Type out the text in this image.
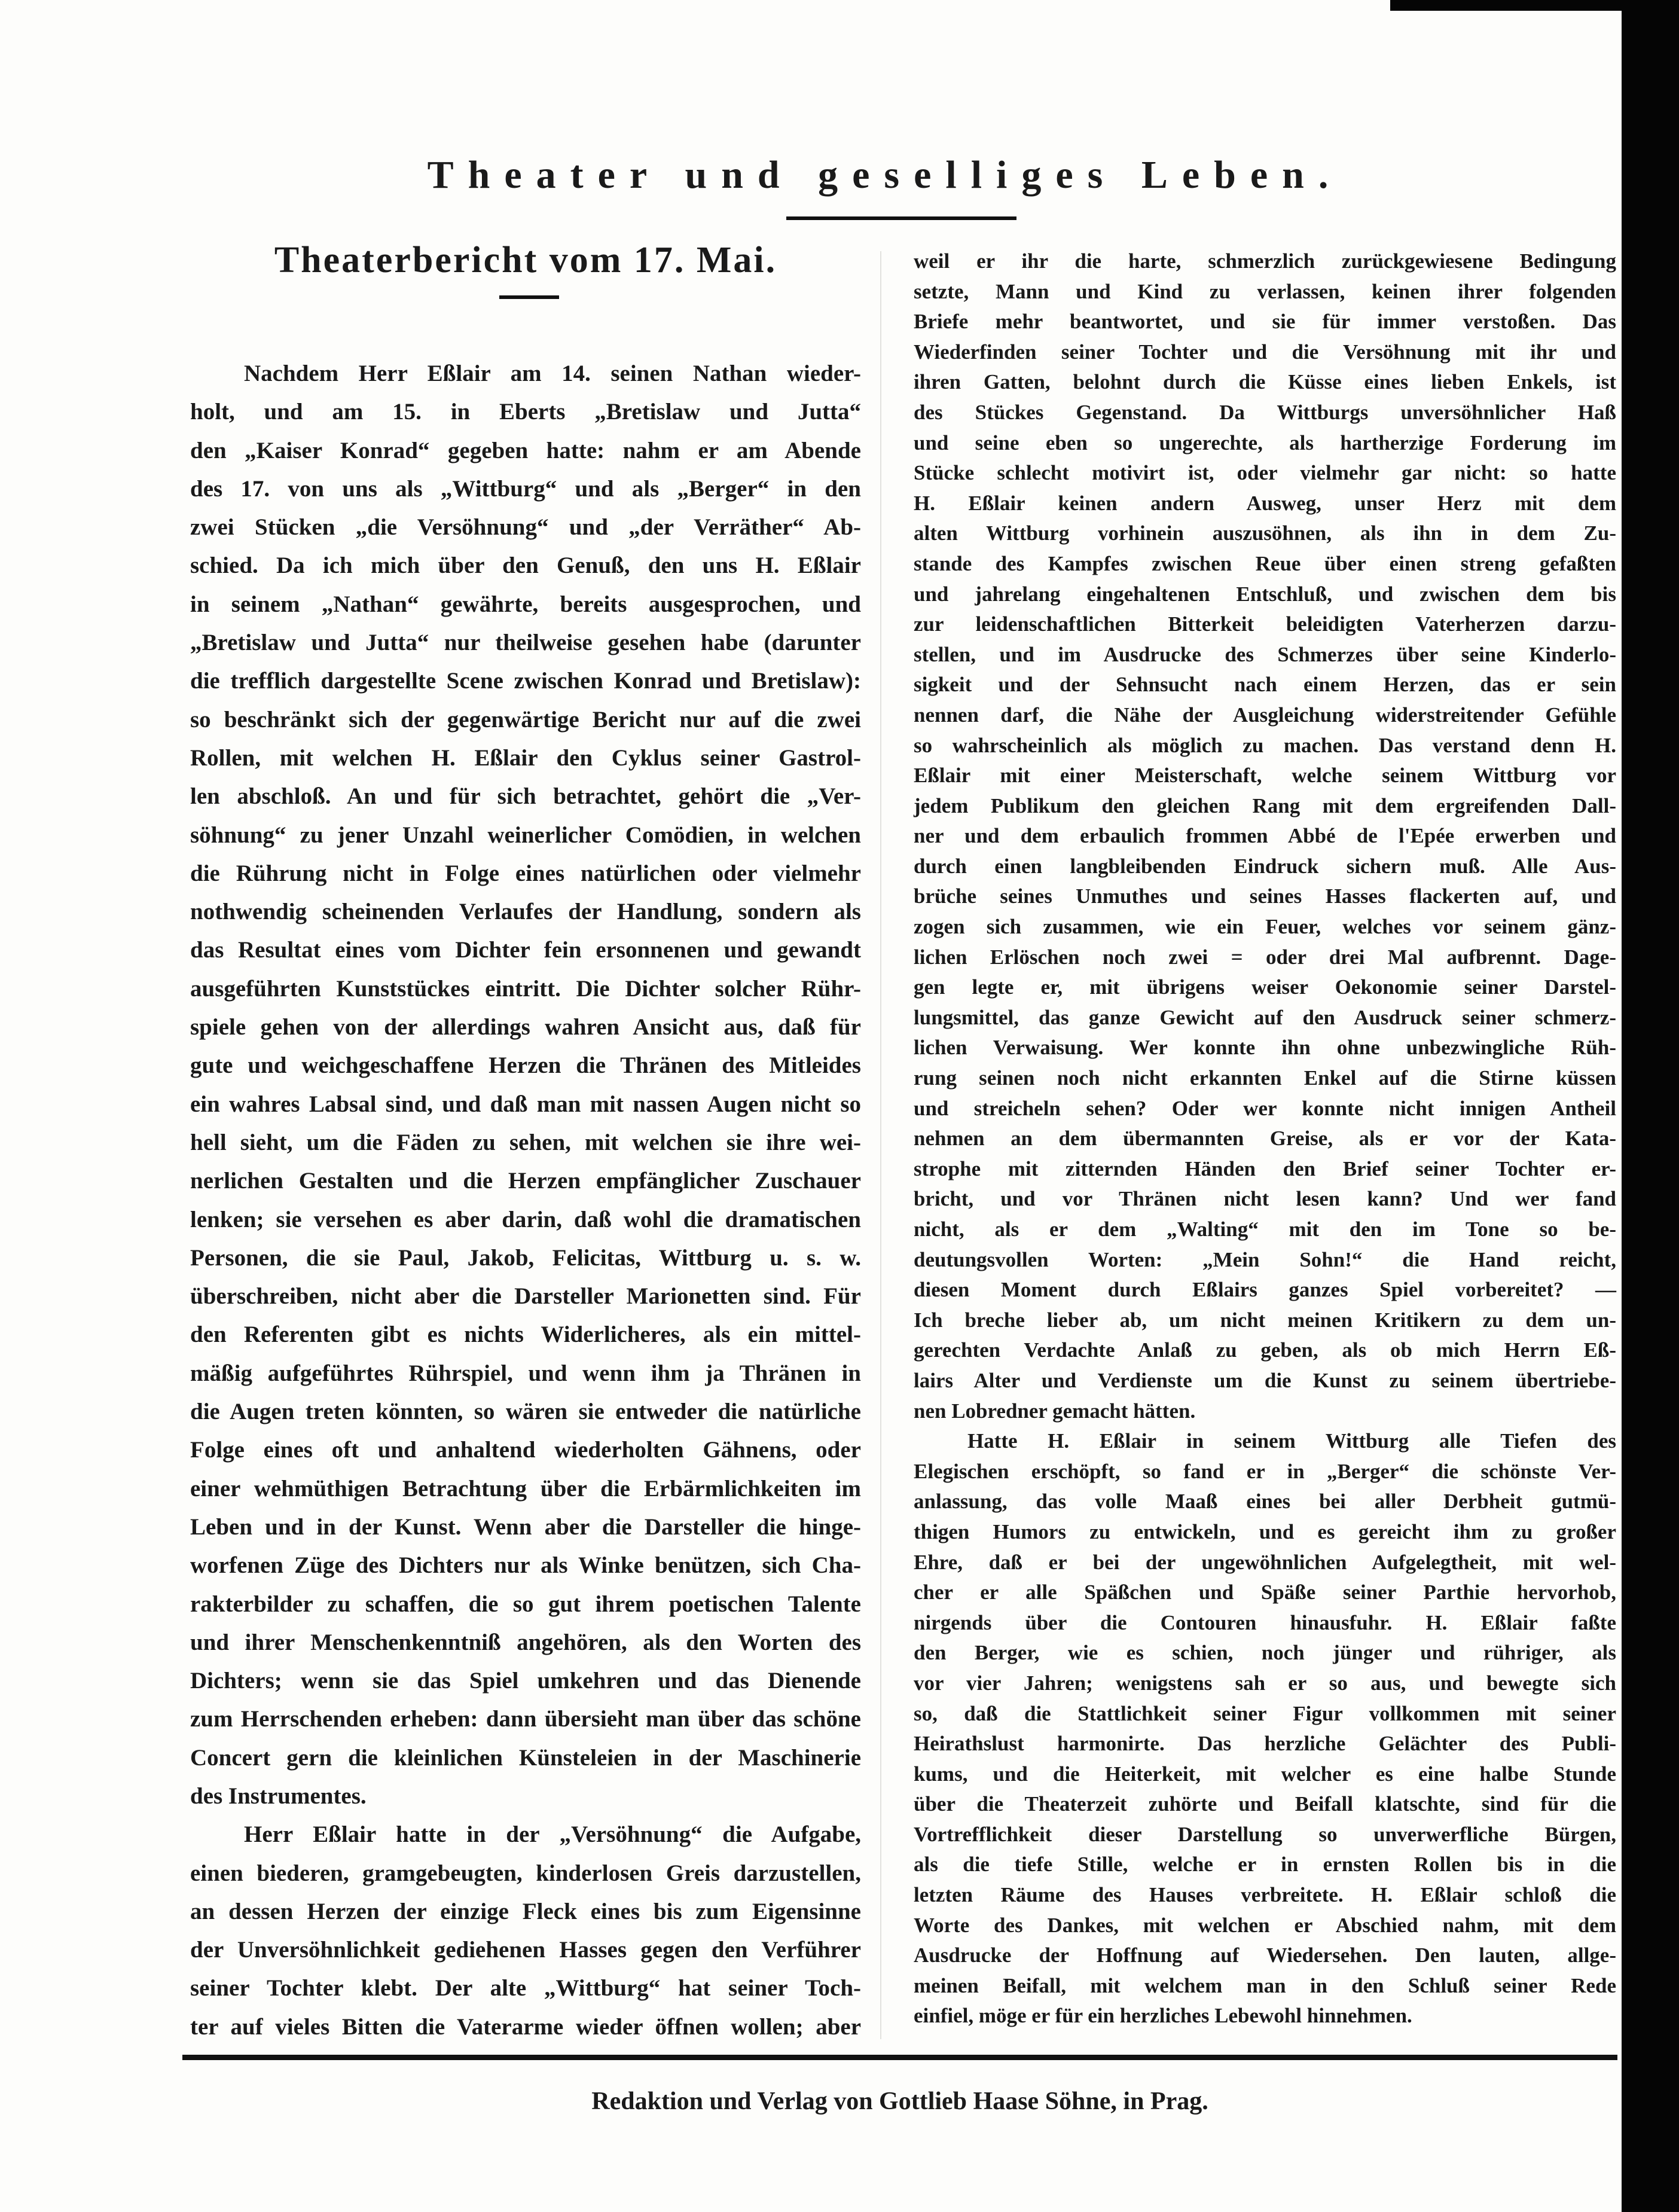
Theater und geselliges Leben.
Theaterbericht vom 17. Mai.
Nachdem Herr Eßlair am 14. seinen Nathan wieder-
holt, und am 15. in Eberts „Bretislaw und Jutta“
den „Kaiser Konrad“ gegeben hatte: nahm er am Abende
des 17. von uns als „Wittburg“ und als „Berger“ in den
zwei Stücken „die Versöhnung“ und „der Verräther“ Ab-
schied. Da ich mich über den Genuß, den uns H. Eßlair
in seinem „Nathan“ gewährte, bereits ausgesprochen, und
„Bretislaw und Jutta“ nur theilweise gesehen habe (darunter
die trefflich dargestellte Scene zwischen Konrad und Bretislaw):
so beschränkt sich der gegenwärtige Bericht nur auf die zwei
Rollen, mit welchen H. Eßlair den Cyklus seiner Gastrol-
len abschloß. An und für sich betrachtet, gehört die „Ver-
söhnung“ zu jener Unzahl weinerlicher Comödien, in welchen
die Rührung nicht in Folge eines natürlichen oder vielmehr
nothwendig scheinenden Verlaufes der Handlung, sondern als
das Resultat eines vom Dichter fein ersonnenen und gewandt
ausgeführten Kunststückes eintritt. Die Dichter solcher Rühr-
spiele gehen von der allerdings wahren Ansicht aus, daß für
gute und weichgeschaffene Herzen die Thränen des Mitleides
ein wahres Labsal sind, und daß man mit nassen Augen nicht so
hell sieht, um die Fäden zu sehen, mit welchen sie ihre wei-
nerlichen Gestalten und die Herzen empfänglicher Zuschauer
lenken; sie versehen es aber darin, daß wohl die dramatischen
Personen, die sie Paul, Jakob, Felicitas, Wittburg u. s. w.
überschreiben, nicht aber die Darsteller Marionetten sind. Für
den Referenten gibt es nichts Widerlicheres, als ein mittel-
mäßig aufgeführtes Rührspiel, und wenn ihm ja Thränen in
die Augen treten könnten, so wären sie entweder die natürliche
Folge eines oft und anhaltend wiederholten Gähnens, oder
einer wehmüthigen Betrachtung über die Erbärmlichkeiten im
Leben und in der Kunst. Wenn aber die Darsteller die hinge-
worfenen Züge des Dichters nur als Winke benützen, sich Cha-
rakterbilder zu schaffen, die so gut ihrem poetischen Talente
und ihrer Menschenkenntniß angehören, als den Worten des
Dichters; wenn sie das Spiel umkehren und das Dienende
zum Herrschenden erheben: dann übersieht man über das schöne
Concert gern die kleinlichen Künsteleien in der Maschinerie
des Instrumentes.
Herr Eßlair hatte in der „Versöhnung“ die Aufgabe,
einen biederen, gramgebeugten, kinderlosen Greis darzustellen,
an dessen Herzen der einzige Fleck eines bis zum Eigensinne
der Unversöhnlichkeit gediehenen Hasses gegen den Verführer
seiner Tochter klebt. Der alte „Wittburg“ hat seiner Toch-
ter auf vieles Bitten die Vaterarme wieder öffnen wollen; aber
weil er ihr die harte, schmerzlich zurückgewiesene Bedingung
setzte, Mann und Kind zu verlassen, keinen ihrer folgenden
Briefe mehr beantwortet, und sie für immer verstoßen. Das
Wiederfinden seiner Tochter und die Versöhnung mit ihr und
ihren Gatten, belohnt durch die Küsse eines lieben Enkels, ist
des Stückes Gegenstand. Da Wittburgs unversöhnlicher Haß
und seine eben so ungerechte, als hartherzige Forderung im
Stücke schlecht motivirt ist, oder vielmehr gar nicht: so hatte
H. Eßlair keinen andern Ausweg, unser Herz mit dem
alten Wittburg vorhinein auszusöhnen, als ihn in dem Zu-
stande des Kampfes zwischen Reue über einen streng gefaßten
und jahrelang eingehaltenen Entschluß, und zwischen dem bis
zur leidenschaftlichen Bitterkeit beleidigten Vaterherzen darzu-
stellen, und im Ausdrucke des Schmerzes über seine Kinderlo-
sigkeit und der Sehnsucht nach einem Herzen, das er sein
nennen darf, die Nähe der Ausgleichung widerstreitender Gefühle
so wahrscheinlich als möglich zu machen. Das verstand denn H.
Eßlair mit einer Meisterschaft, welche seinem Wittburg vor
jedem Publikum den gleichen Rang mit dem ergreifenden Dall-
ner und dem erbaulich frommen Abbé de l'Epée erwerben und
durch einen langbleibenden Eindruck sichern muß. Alle Aus-
brüche seines Unmuthes und seines Hasses flackerten auf, und
zogen sich zusammen, wie ein Feuer, welches vor seinem gänz-
lichen Erlöschen noch zwei = oder drei Mal aufbrennt. Dage-
gen legte er, mit übrigens weiser Oekonomie seiner Darstel-
lungsmittel, das ganze Gewicht auf den Ausdruck seiner schmerz-
lichen Verwaisung. Wer konnte ihn ohne unbezwingliche Rüh-
rung seinen noch nicht erkannten Enkel auf die Stirne küssen
und streicheln sehen? Oder wer konnte nicht innigen Antheil
nehmen an dem übermannten Greise, als er vor der Kata-
strophe mit zitternden Händen den Brief seiner Tochter er-
bricht, und vor Thränen nicht lesen kann? Und wer fand
nicht, als er dem „Walting“ mit den im Tone so be-
deutungsvollen Worten: „Mein Sohn!“ die Hand reicht,
diesen Moment durch Eßlairs ganzes Spiel vorbereitet? —
Ich breche lieber ab, um nicht meinen Kritikern zu dem un-
gerechten Verdachte Anlaß zu geben, als ob mich Herrn Eß-
lairs Alter und Verdienste um die Kunst zu seinem übertriebe-
nen Lobredner gemacht hätten.
Hatte H. Eßlair in seinem Wittburg alle Tiefen des
Elegischen erschöpft, so fand er in „Berger“ die schönste Ver-
anlassung, das volle Maaß eines bei aller Derbheit gutmü-
thigen Humors zu entwickeln, und es gereicht ihm zu großer
Ehre, daß er bei der ungewöhnlichen Aufgelegtheit, mit wel-
cher er alle Späßchen und Späße seiner Parthie hervorhob,
nirgends über die Contouren hinausfuhr. H. Eßlair faßte
den Berger, wie es schien, noch jünger und rühriger, als
vor vier Jahren; wenigstens sah er so aus, und bewegte sich
so, daß die Stattlichkeit seiner Figur vollkommen mit seiner
Heirathslust harmonirte. Das herzliche Gelächter des Publi-
kums, und die Heiterkeit, mit welcher es eine halbe Stunde
über die Theaterzeit zuhörte und Beifall klatschte, sind für die
Vortrefflichkeit dieser Darstellung so unverwerfliche Bürgen,
als die tiefe Stille, welche er in ernsten Rollen bis in die
letzten Räume des Hauses verbreitete. H. Eßlair schloß die
Worte des Dankes, mit welchen er Abschied nahm, mit dem
Ausdrucke der Hoffnung auf Wiedersehen. Den lauten, allge-
meinen Beifall, mit welchem man in den Schluß seiner Rede
einfiel, möge er für ein herzliches Lebewohl hinnehmen.
Redaktion und Verlag von Gottlieb Haase Söhne, in Prag.
